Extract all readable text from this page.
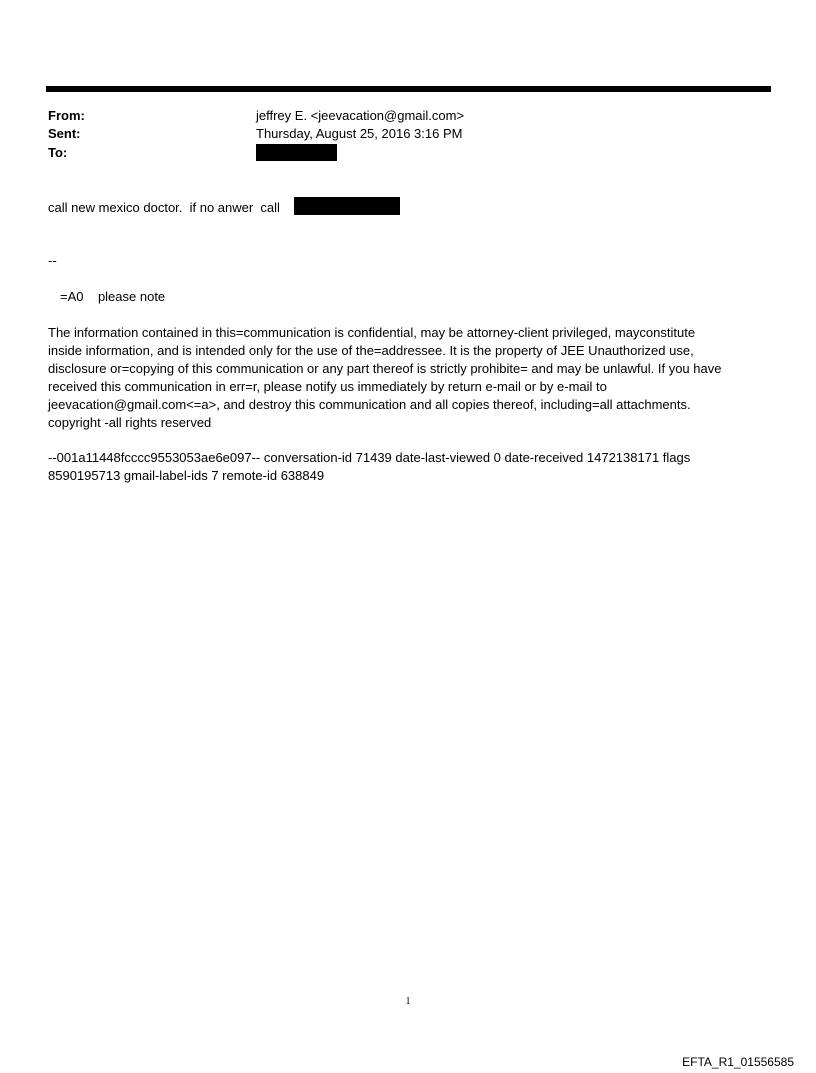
From:	jeffrey E. <jeevacation@gmail.com>
Sent:	Thursday, August 25, 2016 3:16 PM
To:
call new mexico doctor.  if no anwer  call
--
=A0    please note
The information contained in this=communication is confidential, may be attorney-client privileged, mayconstitute
inside information, and is intended only for the use of the=addressee. It is the property of JEE Unauthorized use,
disclosure or=copying of this communication or any part thereof is strictly prohibite= and may be unlawful. If you have
received this communication in err=r, please notify us immediately by return e-mail or by e-mail to
jeevacation@gmail.com<=a>, and destroy this communication and all copies thereof, including=all attachments.
copyright -all rights reserved
--001a11448fcccc9553053ae6e097-- conversation-id 71439 date-last-viewed 0 date-received 1472138171 flags
8590195713 gmail-label-ids 7 remote-id 638849
1
EFTA_R1_01556585
